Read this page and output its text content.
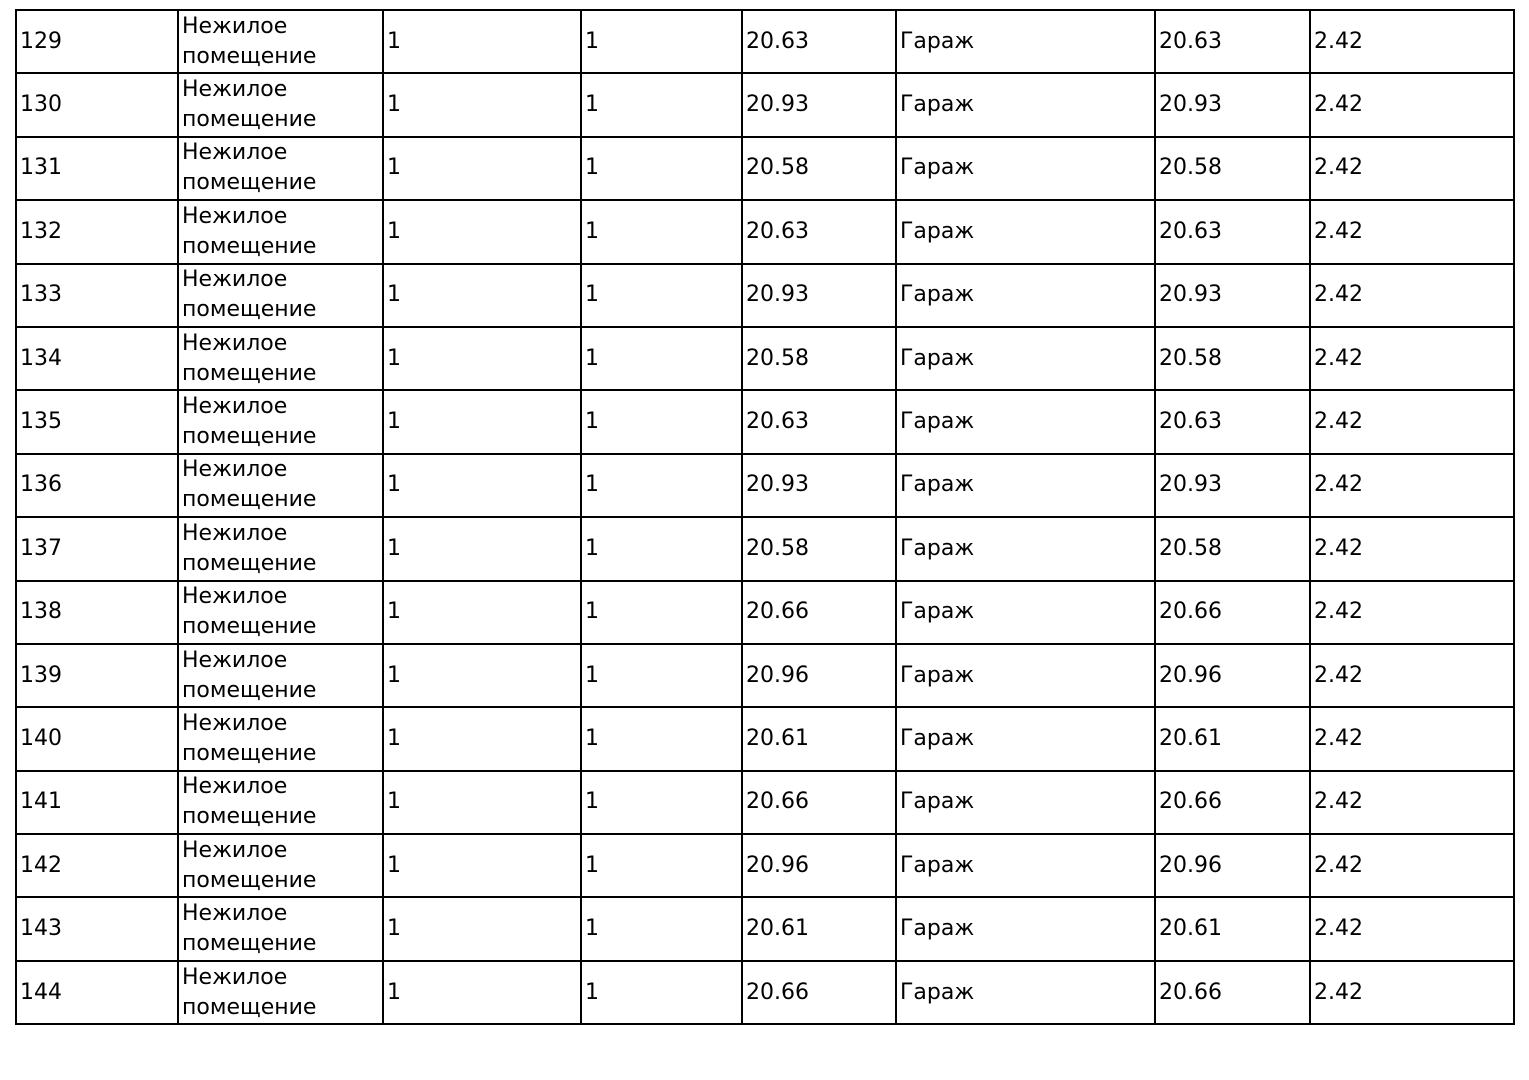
129	Нежилое помещение	1	1	20.63	Гараж	20.63	2.42
130	Нежилое помещение	1	1	20.93	Гараж	20.93	2.42
131	Нежилое помещение	1	1	20.58	Гараж	20.58	2.42
132	Нежилое помещение	1	1	20.63	Гараж	20.63	2.42
133	Нежилое помещение	1	1	20.93	Гараж	20.93	2.42
134	Нежилое помещение	1	1	20.58	Гараж	20.58	2.42
135	Нежилое помещение	1	1	20.63	Гараж	20.63	2.42
136	Нежилое помещение	1	1	20.93	Гараж	20.93	2.42
137	Нежилое помещение	1	1	20.58	Гараж	20.58	2.42
138	Нежилое помещение	1	1	20.66	Гараж	20.66	2.42
139	Нежилое помещение	1	1	20.96	Гараж	20.96	2.42
140	Нежилое помещение	1	1	20.61	Гараж	20.61	2.42
141	Нежилое помещение	1	1	20.66	Гараж	20.66	2.42
142	Нежилое помещение	1	1	20.96	Гараж	20.96	2.42
143	Нежилое помещение	1	1	20.61	Гараж	20.61	2.42
144	Нежилое помещение	1	1	20.66	Гараж	20.66	2.42
